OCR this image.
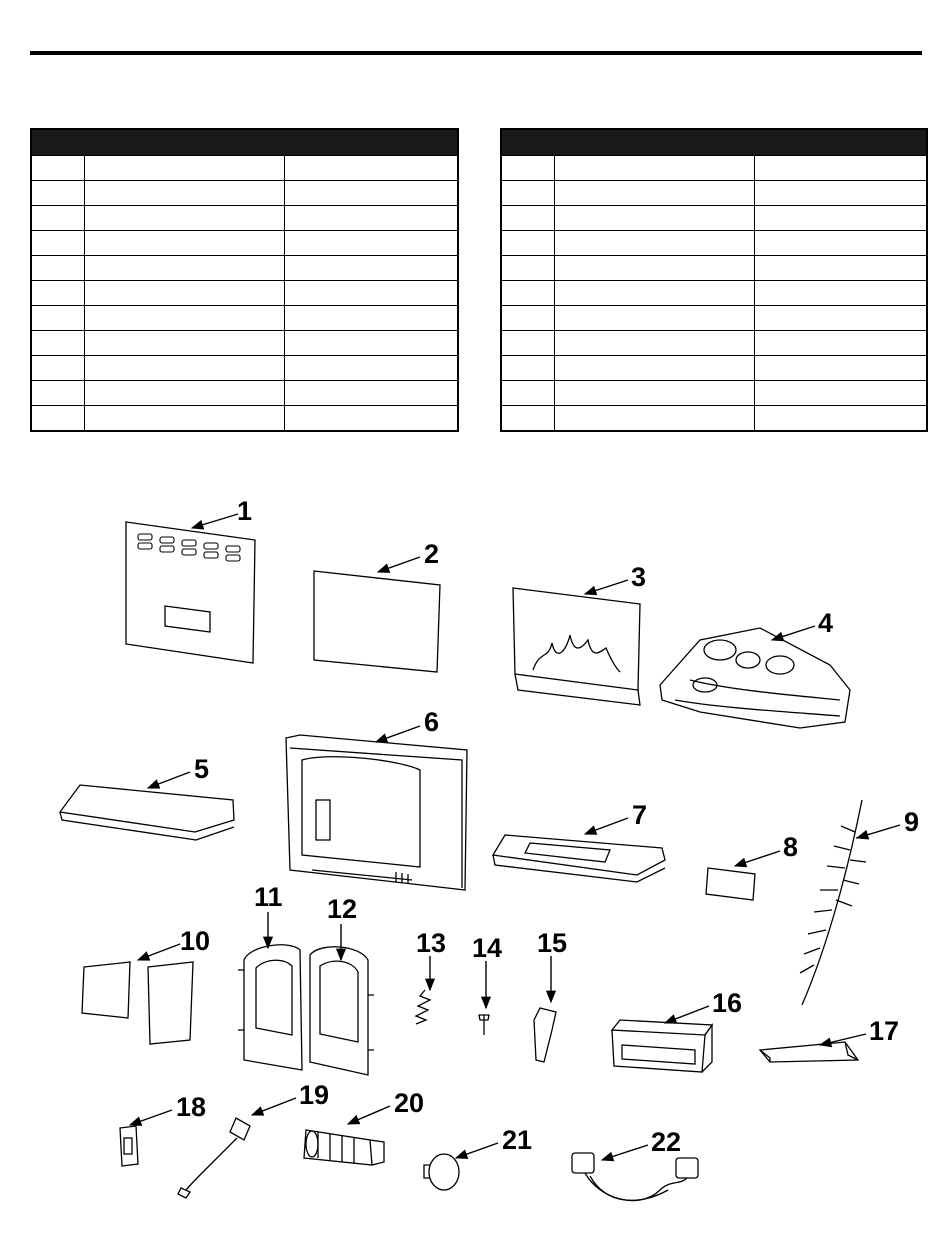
1
2
3
4
5
6
7
8
9
10
11 12
13 14 15
16
17
18	19 20
21	22
